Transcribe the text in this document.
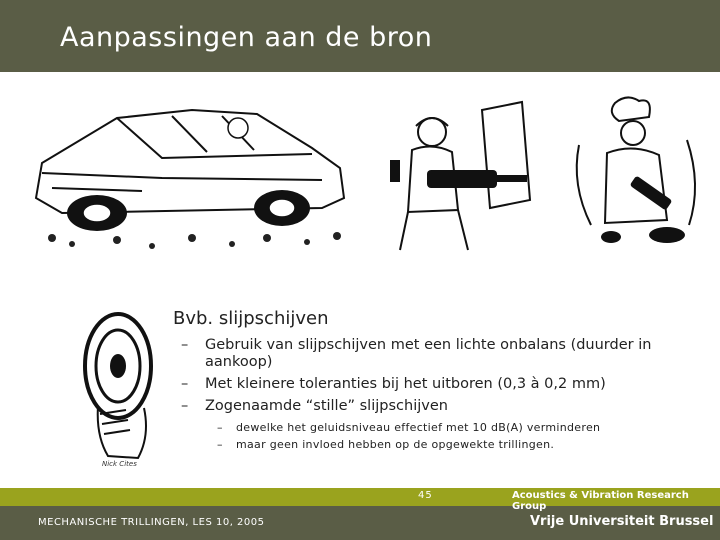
Aanpassingen aan de bron
Nick Cites
Bvb. slijpschijven
– Gebruik van slijpschijven met een lichte onbalans (duurder in aankoop)
– Met kleinere toleranties bij het uitboren (0,3 à 0,2 mm)
– Zogenaamde “stille” slijpschijven
– dewelke het geluidsniveau effectief met 10 dB(A) verminderen
– maar geen invloed hebben op de opgewekte trillingen.
45	Acoustics & Vibration Research Group
MECHANISCHE TRILLINGEN, LES 10, 2005	Vrije Universiteit Brussel
